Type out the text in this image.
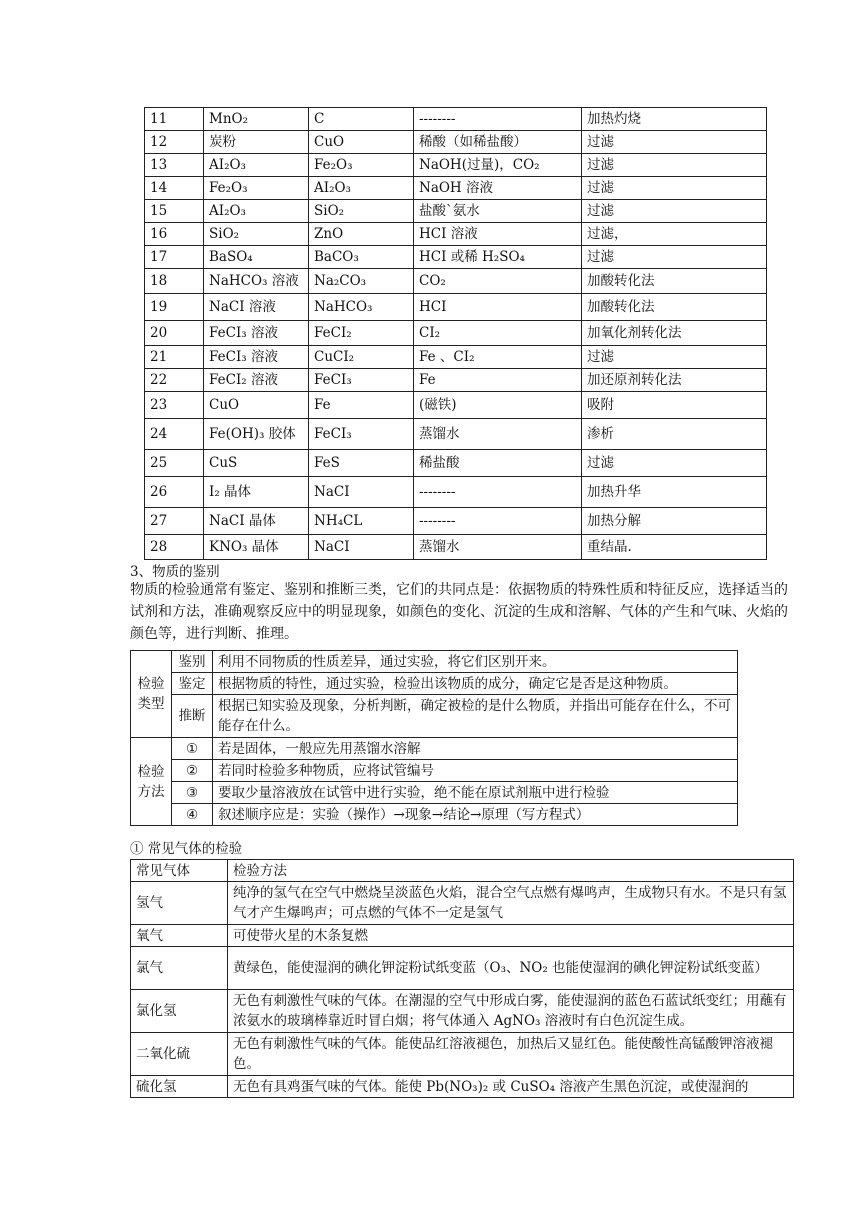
11	MnO₂	C	--------	加热灼烧
12	炭粉	CuO	稀酸（如稀盐酸）	过滤
13	AI₂O₃	Fe₂O₃	NaOH(过量)，CO₂	过滤
14	Fe₂O₃	AI₂O₃	NaOH 溶液	过滤
15	AI₂O₃	SiO₂	盐酸`氨水	过滤
16	SiO₂	ZnO	HCI 溶液	过滤，
17	BaSO₄	BaCO₃	HCI 或稀 H₂SO₄	过滤
18	NaHCO₃ 溶液	Na₂CO₃	CO₂	加酸转化法
19	NaCI 溶液	NaHCO₃	HCI	加酸转化法
20	FeCI₃ 溶液	FeCI₂	CI₂	加氧化剂转化法
21	FeCI₃ 溶液	CuCI₂	Fe 、CI₂	过滤
22	FeCI₂ 溶液	FeCI₃	Fe	加还原剂转化法
23	CuO	Fe	(磁铁)	吸附
24	Fe(OH)₃ 胶体	FeCI₃	蒸馏水	渗析
25	CuS	FeS	稀盐酸	过滤
26	I₂ 晶体	NaCI	--------	加热升华
27	NaCI 晶体	NH₄CL	--------	加热分解
28	KNO₃ 晶体	NaCI	蒸馏水	重结晶.
3、物质的鉴别
物质的检验通常有鉴定、鉴别和推断三类，它们的共同点是：依据物质的特殊性质和特征反应，选择适当的试剂和方法，准确观察反应中的明显现象，如颜色的变化、沉淀的生成和溶解、气体的产生和气味、火焰的颜色等，进行判断、推理。
检验类型	鉴别	利用不同物质的性质差异，通过实验，将它们区别开来。
	鉴定	根据物质的特性，通过实验，检验出该物质的成分，确定它是否是这种物质。
	推断	根据已知实验及现象，分析判断，确定被检的是什么物质，并指出可能存在什么，不可能存在什么。

检验方法	①	若是固体，一般应先用蒸馏水溶解
	②	若同时检验多种物质，应将试管编号
	③	要取少量溶液放在试管中进行实验，绝不能在原试剂瓶中进行检验
	④	叙述顺序应是：实验（操作）→现象→结论→原理（写方程式）
① 常见气体的检验
常见气体	检验方法
氢气	纯净的氢气在空气中燃烧呈淡蓝色火焰，混合空气点燃有爆鸣声，生成物只有水。不是只有氢气才产生爆鸣声；可点燃的气体不一定是氢气
氧气	可使带火星的木条复燃
氯气	黄绿色，能使湿润的碘化钾淀粉试纸变蓝（O₃、NO₂ 也能使湿润的碘化钾淀粉试纸变蓝）
氯化氢	无色有刺激性气味的气体。在潮湿的空气中形成白雾，能使湿润的蓝色石蓝试纸变红；用蘸有浓氨水的玻璃棒靠近时冒白烟；将气体通入 AgNO₃ 溶液时有白色沉淀生成。
二氧化硫	无色有刺激性气味的气体。能使品红溶液褪色，加热后又显红色。能使酸性高锰酸钾溶液褪色。
硫化氢	无色有具鸡蛋气味的气体。能使 Pb(NO₃)₂ 或 CuSO₄ 溶液产生黑色沉淀，或使湿润的
